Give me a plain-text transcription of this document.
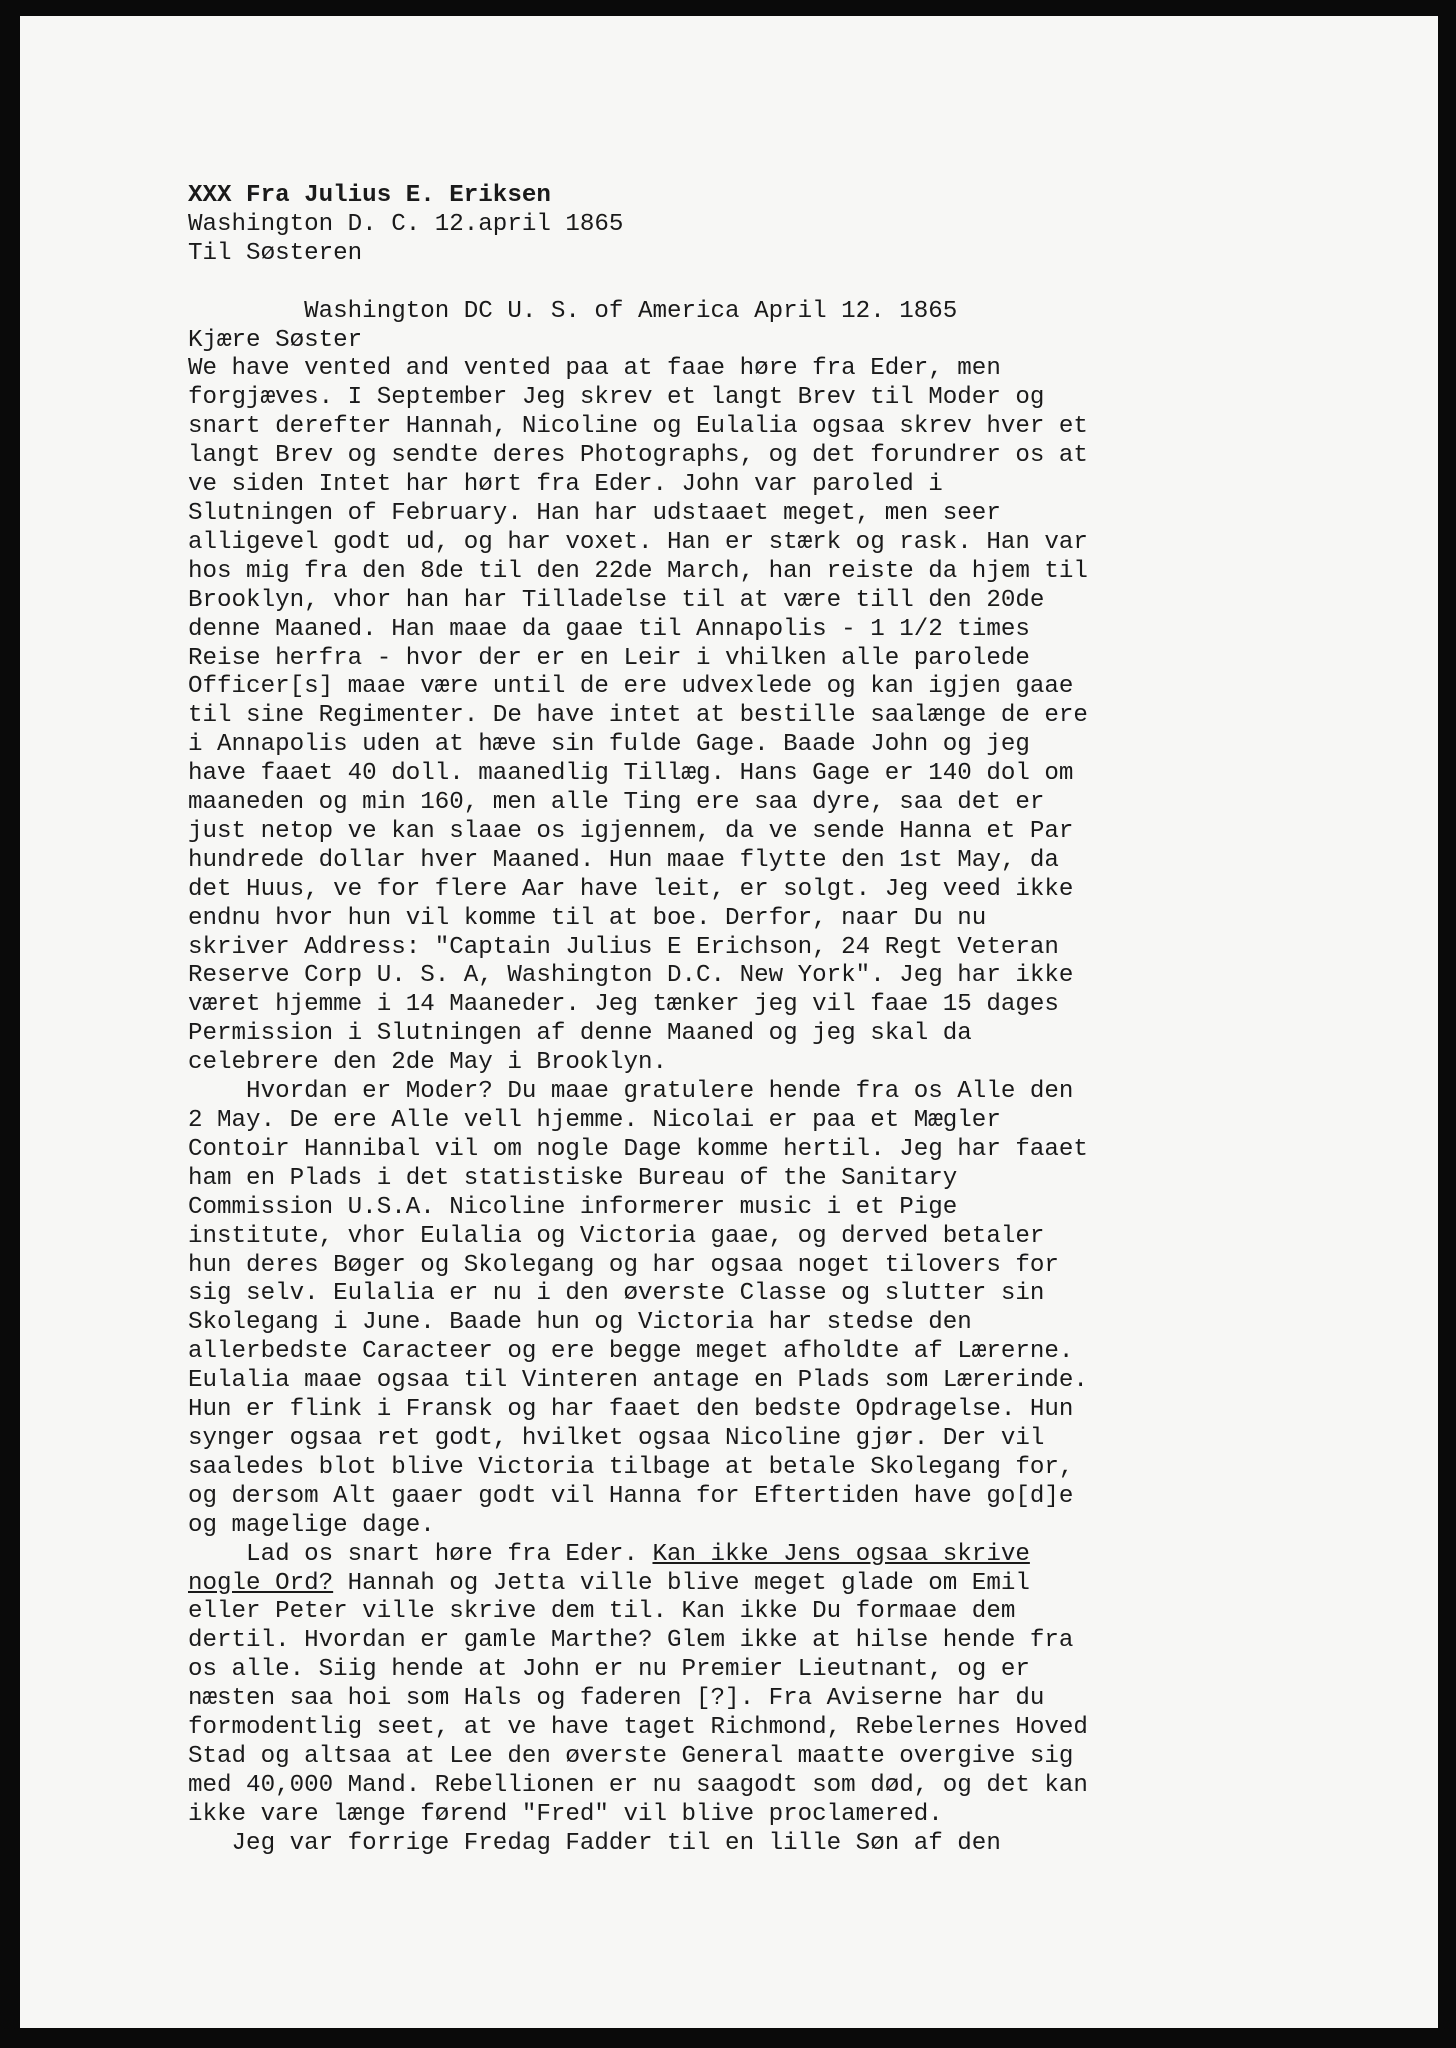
XXX Fra Julius E. Eriksen
Washington D. C. 12.april 1865
Til Søsteren

Washington DC U. S. of America April 12. 1865
Kjære Søster
We have vented and vented paa at faae høre fra Eder, men
forgjæves. I September Jeg skrev et langt Brev til Moder og
snart derefter Hannah, Nicoline og Eulalia ogsaa skrev hver et
langt Brev og sendte deres Photographs, og det forundrer os at
ve siden Intet har hørt fra Eder. John var paroled i
Slutningen of February. Han har udstaaet meget, men seer
alligevel godt ud, og har voxet. Han er stærk og rask. Han var
hos mig fra den 8de til den 22de March, han reiste da hjem til
Brooklyn, vhor han har Tilladelse til at være till den 20de
denne Maaned. Han maae da gaae til Annapolis - 1 1/2 times
Reise herfra - hvor der er en Leir i vhilken alle parolede
Officer[s] maae være until de ere udvexlede og kan igjen gaae
til sine Regimenter. De have intet at bestille saalænge de ere
i Annapolis uden at hæve sin fulde Gage. Baade John og jeg
have faaet 40 doll. maanedlig Tillæg. Hans Gage er 140 dol om
maaneden og min 160, men alle Ting ere saa dyre, saa det er
just netop ve kan slaae os igjennem, da ve sende Hanna et Par
hundrede dollar hver Maaned. Hun maae flytte den 1st May, da
det Huus, ve for flere Aar have leit, er solgt. Jeg veed ikke
endnu hvor hun vil komme til at boe. Derfor, naar Du nu
skriver Address: "Captain Julius E Erichson, 24 Regt Veteran
Reserve Corp U. S. A, Washington D.C. New York". Jeg har ikke
været hjemme i 14 Maaneder. Jeg tænker jeg vil faae 15 dages
Permission i Slutningen af denne Maaned og jeg skal da
celebrere den 2de May i Brooklyn.
Hvordan er Moder? Du maae gratulere hende fra os Alle den
2 May. De ere Alle vell hjemme. Nicolai er paa et Mægler
Contoir Hannibal vil om nogle Dage komme hertil. Jeg har faaet
ham en Plads i det statistiske Bureau of the Sanitary
Commission U.S.A. Nicoline informerer music i et Pige
institute, vhor Eulalia og Victoria gaae, og derved betaler
hun deres Bøger og Skolegang og har ogsaa noget tilovers for
sig selv. Eulalia er nu i den øverste Classe og slutter sin
Skolegang i June. Baade hun og Victoria har stedse den
allerbedste Caracteer og ere begge meget afholdte af Lærerne.
Eulalia maae ogsaa til Vinteren antage en Plads som Lærerinde.
Hun er flink i Fransk og har faaet den bedste Opdragelse. Hun
synger ogsaa ret godt, hvilket ogsaa Nicoline gjør. Der vil
saaledes blot blive Victoria tilbage at betale Skolegang for,
og dersom Alt gaaer godt vil Hanna for Eftertiden have go[d]e
og magelige dage.
Lad os snart høre fra Eder. Kan ikke Jens ogsaa skrive
nogle Ord? Hannah og Jetta ville blive meget glade om Emil
eller Peter ville skrive dem til. Kan ikke Du formaae dem
dertil. Hvordan er gamle Marthe? Glem ikke at hilse hende fra
os alle. Siig hende at John er nu Premier Lieutnant, og er
næsten saa hoi som Hals og faderen [?]. Fra Aviserne har du
formodentlig seet, at ve have taget Richmond, Rebelernes Hoved
Stad og altsaa at Lee den øverste General maatte overgive sig
med 40,000 Mand. Rebellionen er nu saagodt som død, og det kan
ikke vare længe førend "Fred" vil blive proclamered.
Jeg var forrige Fredag Fadder til en lille Søn af den
